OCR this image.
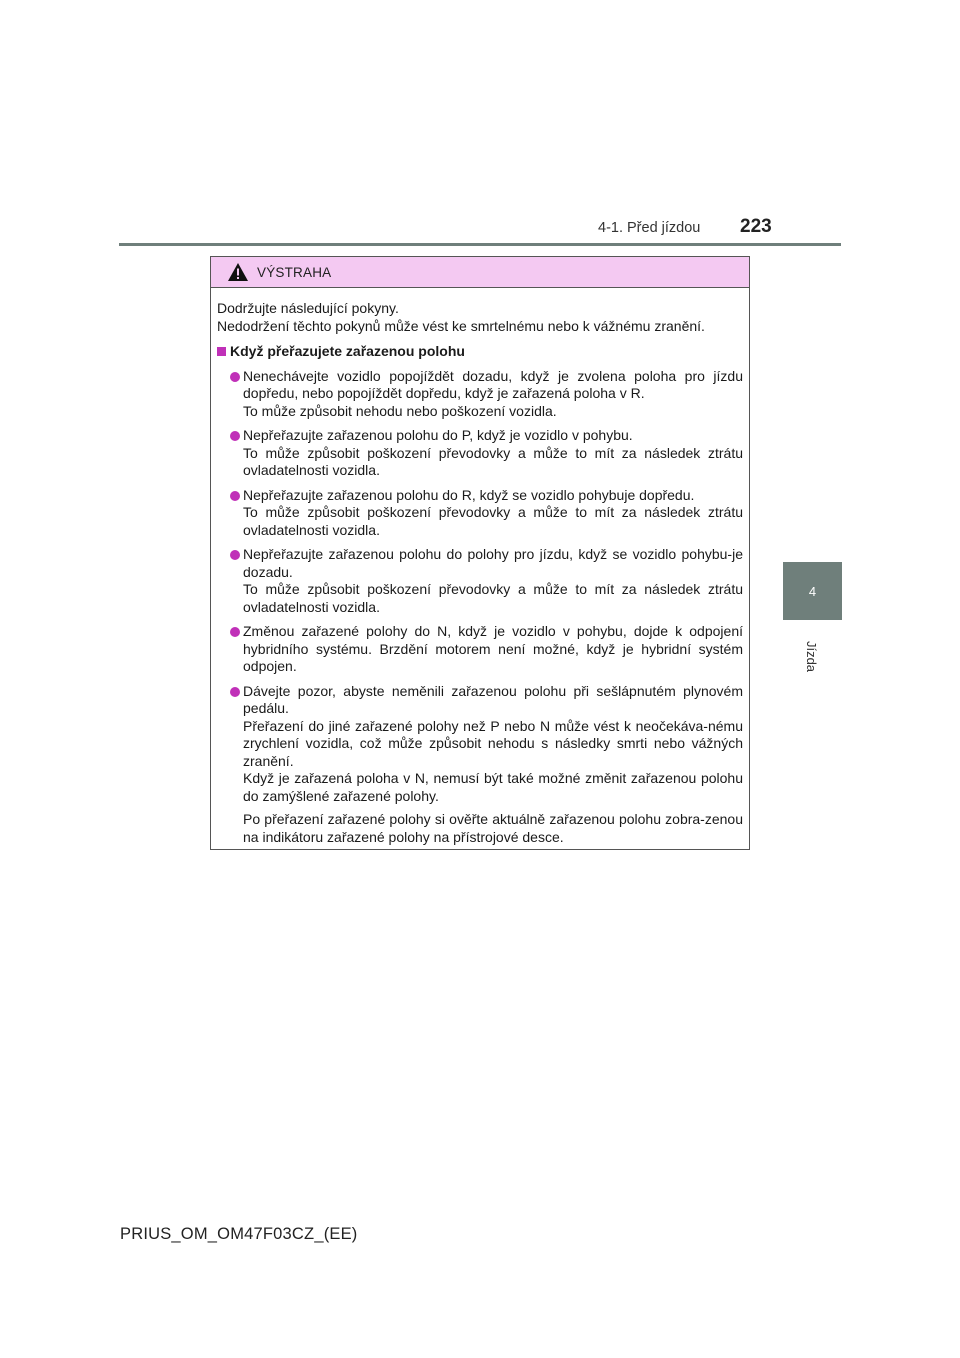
4-1. Před jízdou 223
4
Jízda
VÝSTRAHA

Dodržujte následující pokyny.

Nedodržení těchto pokynů může vést ke smrtelnému nebo k vážnému zranění.

Když přeřazujete zařazenou polohu
Nenechávejte vozidlo popojíždět dozadu, když je zvolena poloha pro jízdu dopředu, nebo popojíždět dopředu, když je zařazená poloha v R.
To může způsobit nehodu nebo poškození vozidla.
Nepřeřazujte zařazenou polohu do P, když je vozidlo v pohybu.
To může způsobit poškození převodovky a může to mít za následek ztrátu ovladatelnosti vozidla.
Nepřeřazujte zařazenou polohu do R, když se vozidlo pohybuje dopředu.
To může způsobit poškození převodovky a může to mít za následek ztrátu ovladatelnosti vozidla.
Nepřeřazujte zařazenou polohu do polohy pro jízdu, když se vozidlo pohybu-je dozadu.
To může způsobit poškození převodovky a může to mít za následek ztrátu ovladatelnosti vozidla.
Změnou zařazené polohy do N, když je vozidlo v pohybu, dojde k odpojení hybridního systému. Brzdění motorem není možné, když je hybridní systém odpojen.
Dávejte pozor, abyste neměnili zařazenou polohu při sešlápnutém plynovém pedálu.
Přeřazení do jiné zařazené polohy než P nebo N může vést k neočekáva-nému zrychlení vozidla, což může způsobit nehodu s následky smrti nebo vážných zranění.
Když je zařazená poloha v N, nemusí být také možné změnit zařazenou polohu do zamýšlené zařazené polohy.
Po přeřazení zařazené polohy si ověřte aktuálně zařazenou polohu zobra-zenou na indikátoru zařazené polohy na přístrojové desce.
PRIUS_OM_OM47F03CZ_(EE)
